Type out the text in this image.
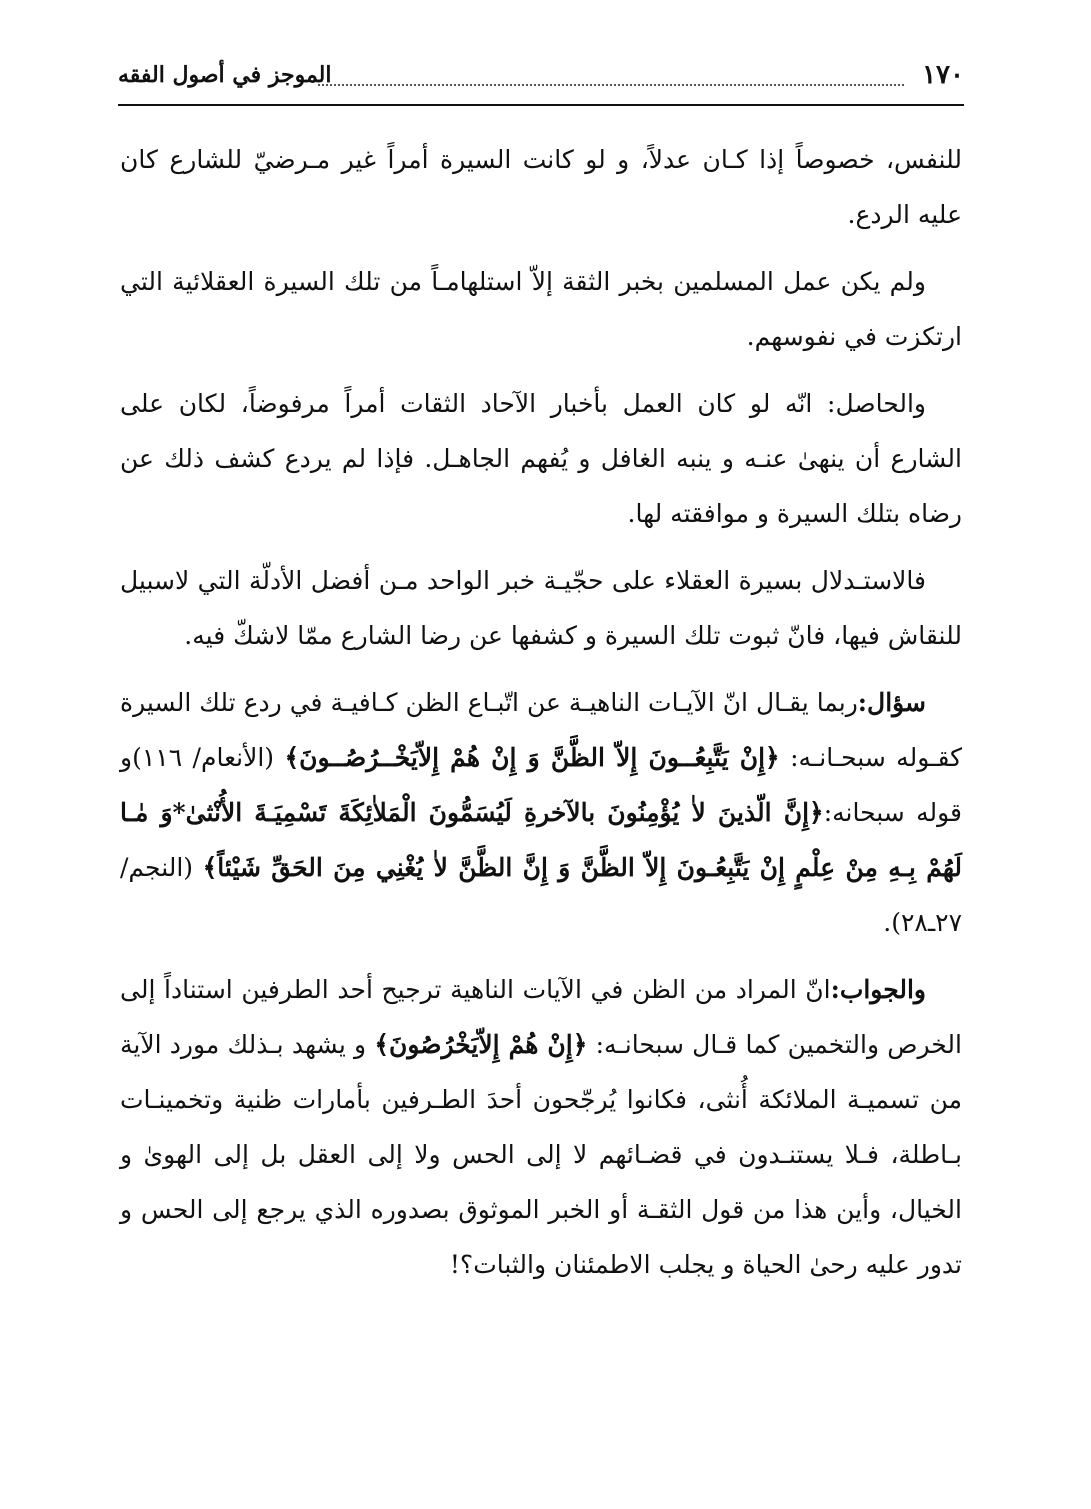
١٧٠
الموجز في أصول الفقه

للنفس، خصوصاً إذا كـان عدلاً، و لو كانت السيرة أمراً غير مـرضيّ للشارع كان عليه الردع.

ولم يكن عمل المسلمين بخبر الثقة إلاّ استلهامـاً من تلك السيرة العقلائية التي ارتكزت في نفوسهم.

والحاصل: انّه لو كان العمل بأخبار الآحاد الثقات أمراً مرفوضاً، لكان على الشارع أن ينهىٰ عنـه و ينبه الغافل و يُفهم الجاهـل. فإذا لم يردع كشف ذلك عن رضاه بتلك السيرة و موافقته لها.

فالاستـدلال بسيرة العقلاء على حجّيـة خبر الواحد مـن أفضل الأدلّة التي لاسبيل للنقاش فيها، فانّ ثبوت تلك السيرة و كشفها عن رضا الشارع ممّا لاشكّ فيه.

سؤال:ربما يقـال انّ الآيـات الناهيـة عن اتّبـاع الظن كـافيـة في ردع تلك السيرة كقـوله سبحـانـه: ﴿إِنْ يَتَّبِعُــونَ إِلاّ الظَّنَّ وَ إِنْ هُمْ إِلاّيَخْــرُصُــونَ﴾ (الأنعام/ ١١٦)و قوله سبحانه:﴿إِنَّ الّذينَ لاٰ يُؤْمِنُونَ بالآخرةِ لَيُسَمُّونَ الْمَلاٰئِكَةَ تَسْمِيَـةَ الأُنْثىٰ*وَ مٰـا لَهُمْ بِـهِ مِنْ عِلْمٍ إِنْ يَتَّبِعُـونَ إِلاّ الظَّنَّ وَ إِنَّ الظَّنَّ لاٰ يُغْنِي مِنَ الحَقِّ شَيْئاً﴾ (النجم/ ٢٧ـ٢٨).

والجواب:انّ المراد من الظن في الآيات الناهية ترجيح أحد الطرفين استناداً إلى الخرص والتخمين كما قـال سبحانـه: ﴿إِنْ هُمْ إِلاّيَخْرُصُونَ﴾ و يشهد بـذلك مورد الآية من تسميـة الملائكة أُنثى، فكانوا يُرجّحون أحدَ الطـرفين بأمارات ظنية وتخمينـات بـاطلة، فـلا يستنـدون في قضـائهم لا إلى الحس ولا إلى العقل بل إلى الهوىٰ و الخيال، وأين هذا من قول الثقـة أو الخبر الموثوق بصدوره الذي يرجع إلى الحس و تدور عليه رحىٰ الحياة و يجلب الاطمئنان والثبات؟!
